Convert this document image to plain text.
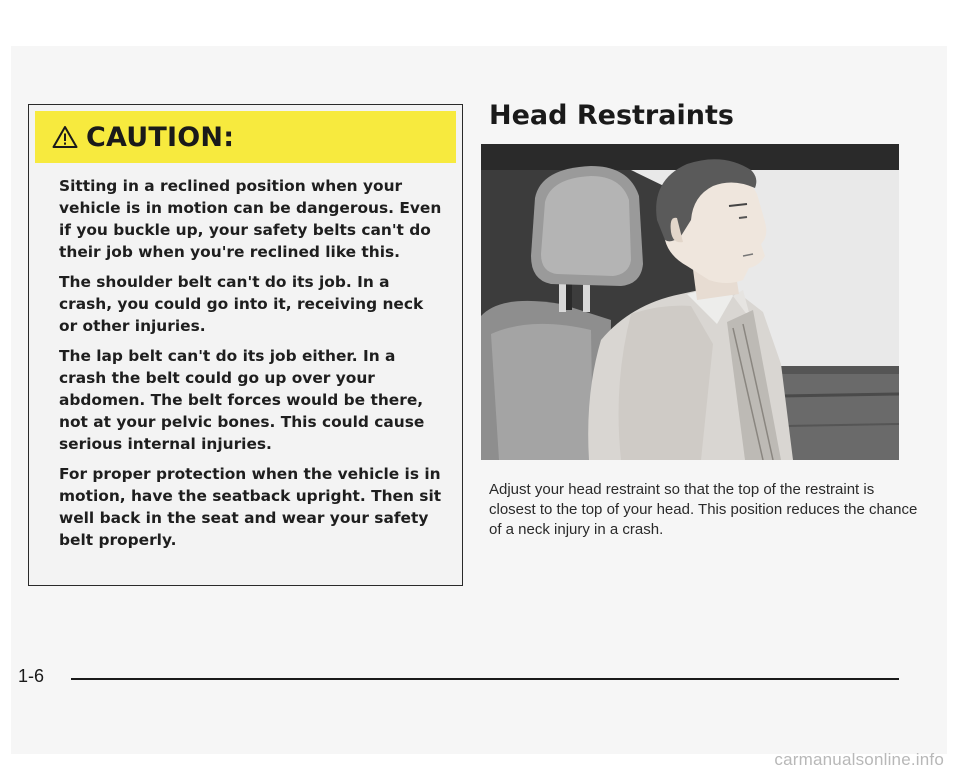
CAUTION:

Sitting in a reclined position when your vehicle is in motion can be dangerous. Even if you buckle up, your safety belts can't do their job when you're reclined like this.

The shoulder belt can't do its job. In a crash, you could go into it, receiving neck or other injuries.

The lap belt can't do its job either. In a crash the belt could go up over your abdomen. The belt forces would be there, not at your pelvic bones. This could cause serious internal injuries.

For proper protection when the vehicle is in motion, have the seatback upright. Then sit well back in the seat and wear your safety belt properly.

Head Restraints
Adjust your head restraint so that the top of the restraint is closest to the top of your head. This position reduces the chance of a neck injury in a crash.
1-6
carmanualsonline.info
